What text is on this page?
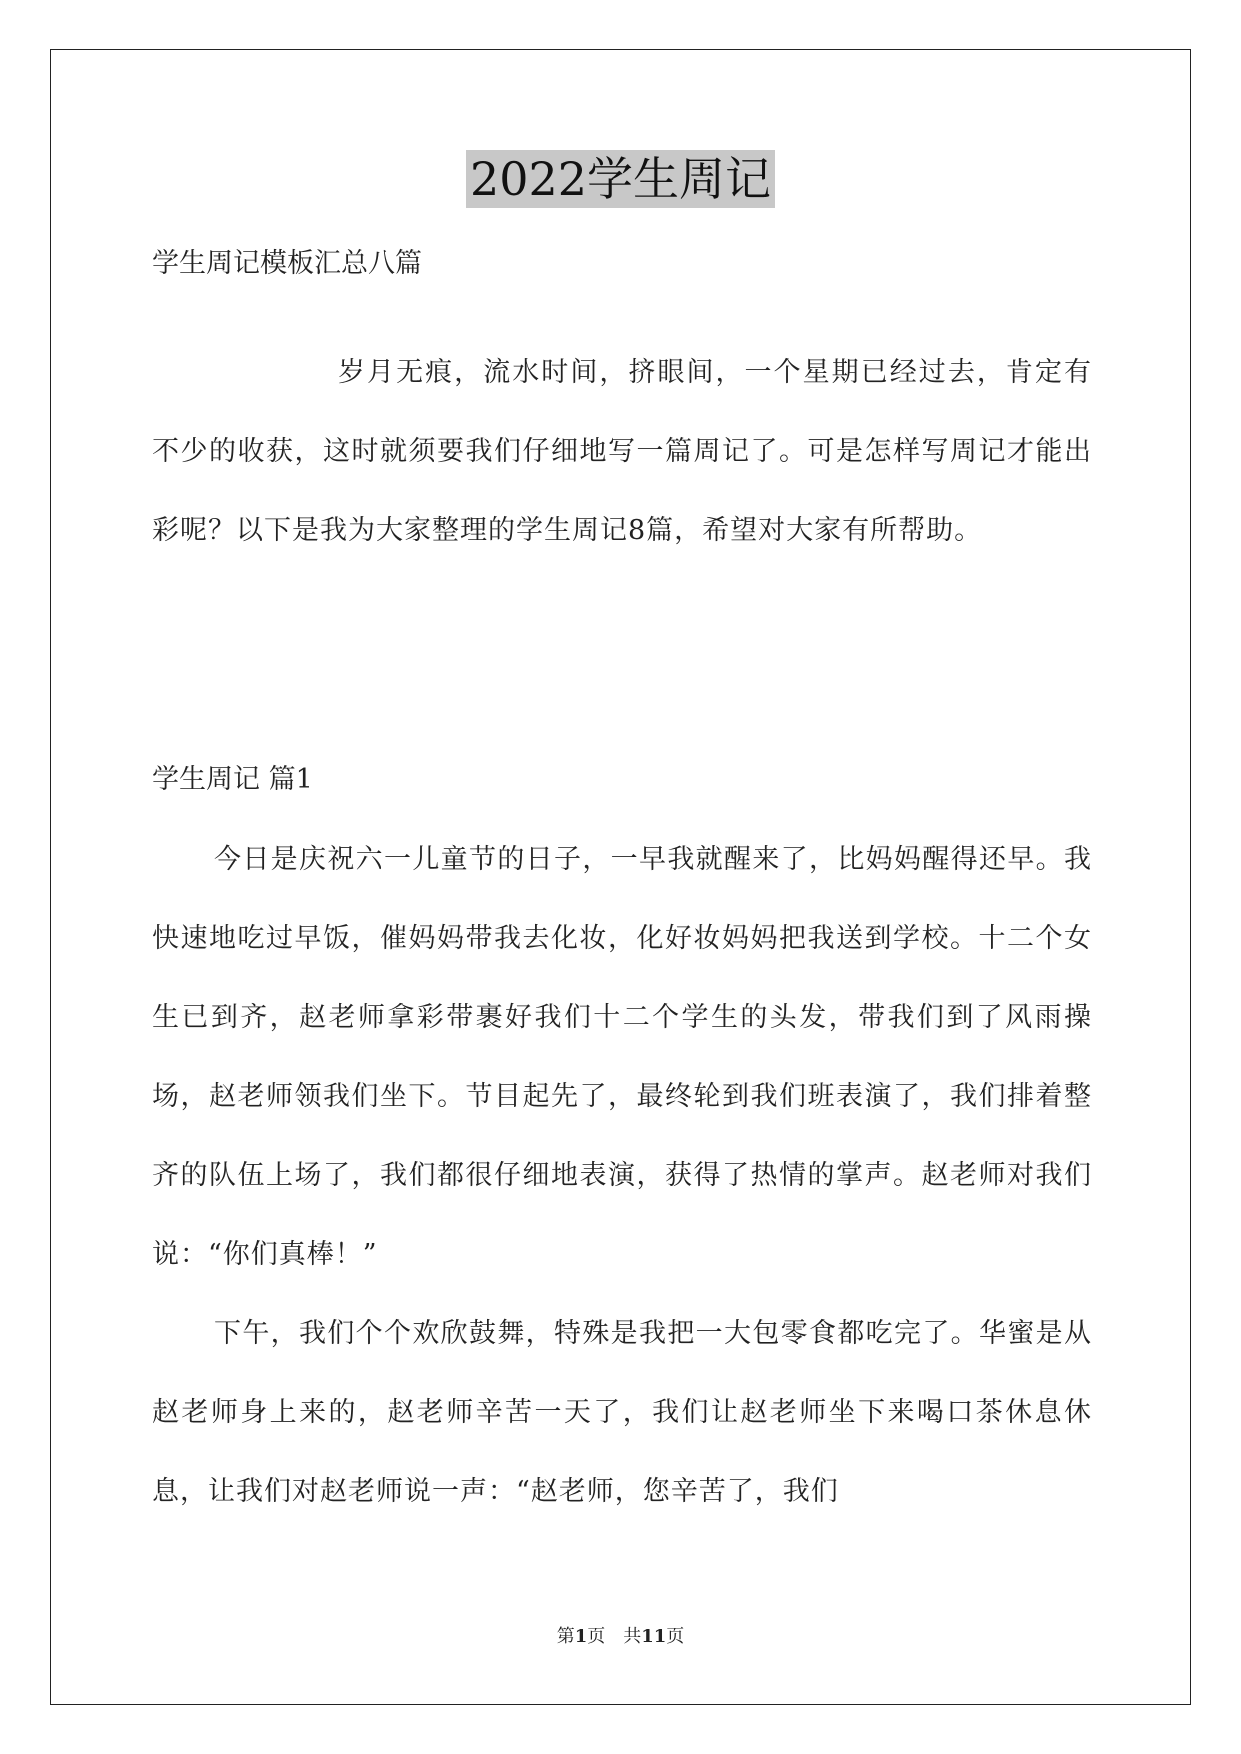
2022学生周记
学生周记模板汇总八篇

岁月无痕，流水时间，挤眼间，一个星期已经过去，肯定有不少的收获，这时就须要我们仔细地写一篇周记了。可是怎样写周记才能出彩呢？以下是我为大家整理的学生周记8篇，希望对大家有所帮助。

学生周记 篇1

今日是庆祝六一儿童节的日子，一早我就醒来了，比妈妈醒得还早。我快速地吃过早饭，催妈妈带我去化妆，化好妆妈妈把我送到学校。十二个女生已到齐，赵老师拿彩带裹好我们十二个学生的头发，带我们到了风雨操场，赵老师领我们坐下。节目起先了，最终轮到我们班表演了，我们排着整齐的队伍上场了，我们都很仔细地表演，获得了热情的掌声。赵老师对我们说：“你们真棒！”

下午，我们个个欢欣鼓舞，特殊是我把一大包零食都吃完了。华蜜是从赵老师身上来的，赵老师辛苦一天了，我们让赵老师坐下来喝口茶休息休息，让我们对赵老师说一声：“赵老师，您辛苦了，我们

第1页　共11页
